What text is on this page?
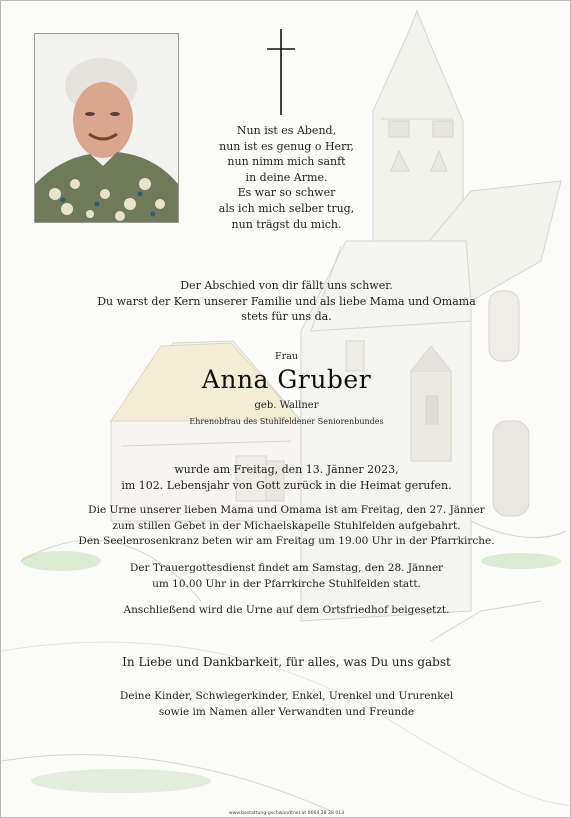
Nun ist es Abend,
nun ist es genug o Herr,
nun nimm mich sanft
in deine Arme.
Es war so schwer
als ich mich selber trug,
nun trägst du mich.
Der Abschied von dir fällt uns schwer.
Du warst der Kern unserer Familie und als liebe Mama und Omama
stets für uns da.
Frau
Anna Gruber
geb. Wallner
Ehrenobfrau des Stuhlfeldener Seniorenbundes
wurde am Freitag, den 13. Jänner 2023,
im 102. Lebensjahr von Gott zurück in die Heimat gerufen.
Die Urne unserer lieben Mama und Omama ist am Freitag, den 27. Jänner
zum stillen Gebet in der Michaelskapelle Stuhlfelden aufgebahrt.
Den Seelenrosenkranz beten wir am Freitag um 19.00 Uhr in der Pfarrkirche.
Der Trauergottesdienst findet am Samstag, den 28. Jänner
um 10.00 Uhr in der Pfarrkirche Stuhlfelden statt.
Anschließend wird die Urne auf dem Ortsfriedhof beigesetzt.
In Liebe und Dankbarkeit, für alles, was Du uns gabst
Deine Kinder, Schwiegerkinder, Enkel, Urenkel und Ururenkel
sowie im Namen aller Verwandten und Freunde
www.bestattung-gschwandtner.at 0664 28 28 013
